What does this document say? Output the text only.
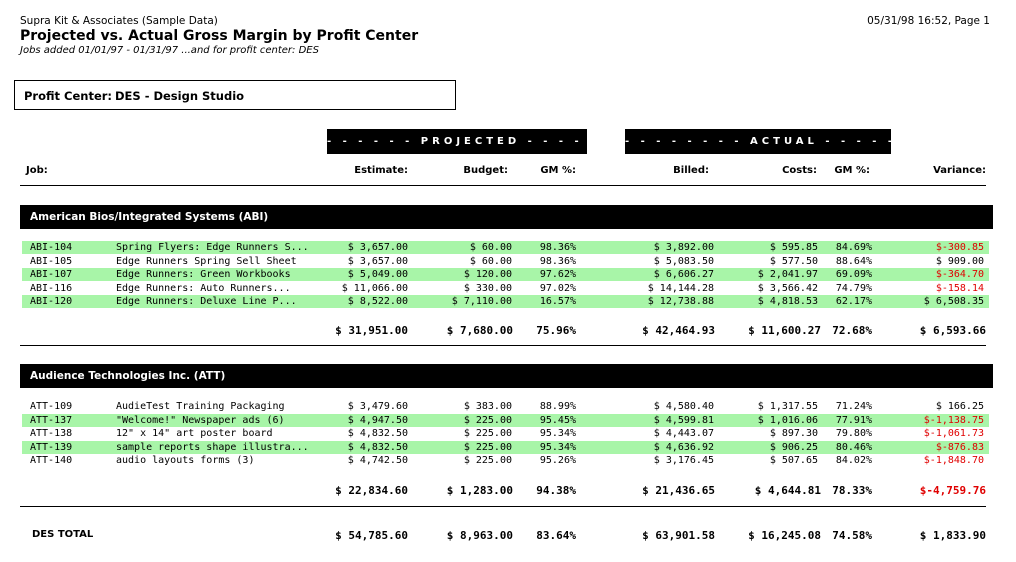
Supra Kit & Associates (Sample Data)	05/31/98 16:52, Page 1
Projected vs. Actual Gross Margin by Profit Center
Jobs added 01/01/97 - 01/31/97 ...and for profit center: DES
Profit Center: DES - Design Studio
- - - - - - PROJECTED - - - - - - - - - - - - - - ACTUAL - - - - - - - -
Job:	Estimate:	Budget:	GM %:	Billed:	Costs:	GM %:	Variance:
American Bios/Integrated Systems (ABI)
ABI-104	Spring Flyers: Edge Runners S...	$ 3,657.00	$ 60.00	98.36%	$ 3,892.00	$ 595.85	84.69%	$-300.85
ABI-105	Edge Runners Spring Sell Sheet	$ 3,657.00	$ 60.00	98.36%	$ 5,083.50	$ 577.50	88.64%	$ 909.00
ABI-107	Edge Runners: Green Workbooks	$ 5,049.00	$ 120.00	97.62%	$ 6,606.27	$ 2,041.97	69.09%	$-364.70
ABI-116	Edge Runners: Auto Runners...	$ 11,066.00	$ 330.00	97.02%	$ 14,144.28	$ 3,566.42	74.79%	$-158.14
ABI-120	Edge Runners: Deluxe Line P...	$ 8,522.00	$ 7,110.00	16.57%	$ 12,738.88	$ 4,818.53	62.17%	$ 6,508.35
$ 31,951.00	$ 7,680.00	75.96%	$ 42,464.93	$ 11,600.27	72.68%	$ 6,593.66
Audience Technologies Inc. (ATT)
ATT-109	AudieTest Training Packaging	$ 3,479.60	$ 383.00	88.99%	$ 4,580.40	$ 1,317.55	71.24%	$ 166.25
ATT-137	"Welcome!" Newspaper ads (6)	$ 4,947.50	$ 225.00	95.45%	$ 4,599.81	$ 1,016.06	77.91%	$-1,138.75
ATT-138	12" x 14" art poster board	$ 4,832.50	$ 225.00	95.34%	$ 4,443.07	$ 897.30	79.80%	$-1,061.73
ATT-139	sample reports shape illustra...	$ 4,832.50	$ 225.00	95.34%	$ 4,636.92	$ 906.25	80.46%	$-876.83
ATT-140	audio layouts forms (3)	$ 4,742.50	$ 225.00	95.26%	$ 3,176.45	$ 507.65	84.02%	$-1,848.70
$ 22,834.60	$ 1,283.00	94.38%	$ 21,436.65	$ 4,644.81	78.33%	$-4,759.76
DES TOTAL	$ 54,785.60	$ 8,963.00	83.64%	$ 63,901.58	$ 16,245.08	74.58%	$ 1,833.90
